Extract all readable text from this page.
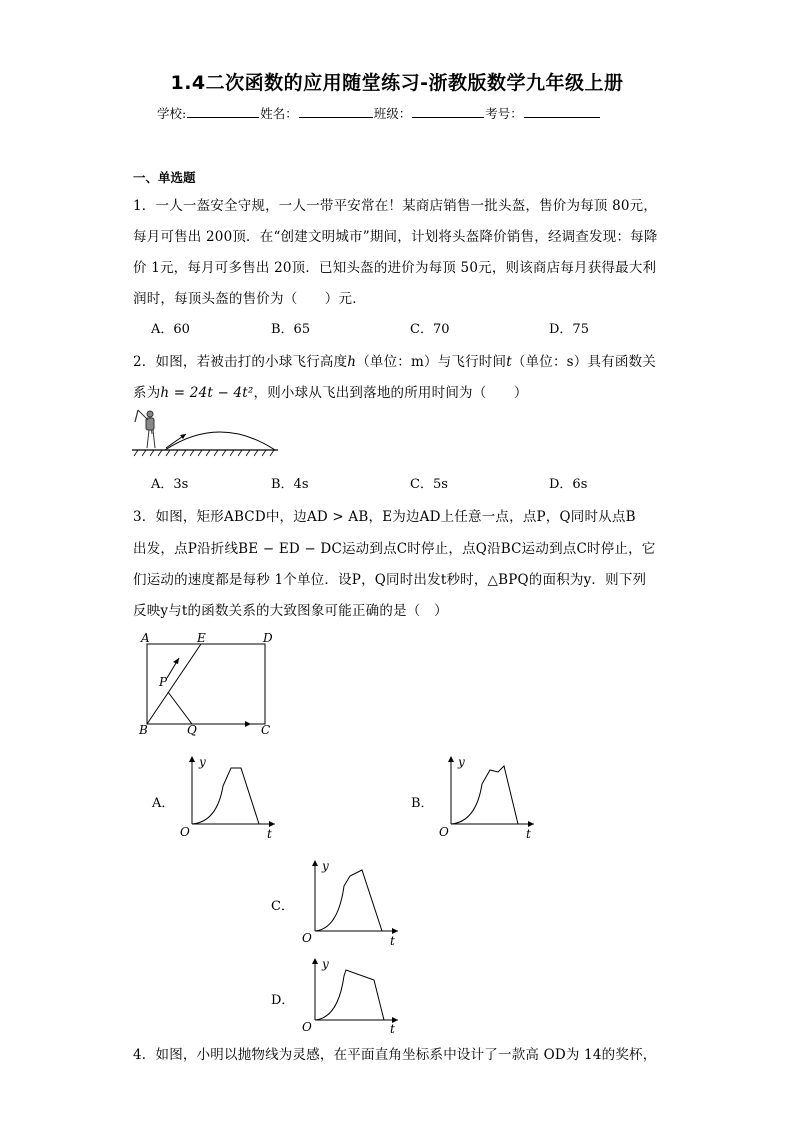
1.4二次函数的应用随堂练习-浙教版数学九年级上册
学校:	姓名：	班级：	考号：
一、单选题
1．一人一盔安全守规，一人一带平安常在！某商店销售一批头盔，售价为每顶 80元，
每月可售出 200顶．在“创建文明城市”期间，计划将头盔降价销售，经调查发现：每降
价 1元，每月可多售出 20顶．已知头盔的进价为每顶 50元，则该商店每月获得最大利
润时，每顶头盔的售价为（　　）元．
A．60	B．65	C．70	D．75
2．如图，若被击打的小球飞行高度h（单位：m）与飞行时间t（单位：s）具有函数关
系为h = 24t − 4t²，则小球从飞出到落地的所用时间为（　　）
A．3s	B．4s	C．5s	D．6s
3．如图，矩形ABCD中，边AD > AB，E为边AD上任意一点，点P，Q同时从点B
出发，点P沿折线BE − ED − DC运动到点C时停止，点Q沿BC运动到点C时停止，它
们运动的速度都是每秒 1个单位．设P，Q同时出发t秒时，△BPQ的面积为y．则下列
反映y与t的函数关系的大致图象可能正确的是（　）
A	E	D
P
B	Q	C
A．
y
O	t
B．
y
O	t
C．
y
O	t
D．
y
O	t
4．如图，小明以抛物线为灵感，在平面直角坐标系中设计了一款高 OD为 14的奖杯，
